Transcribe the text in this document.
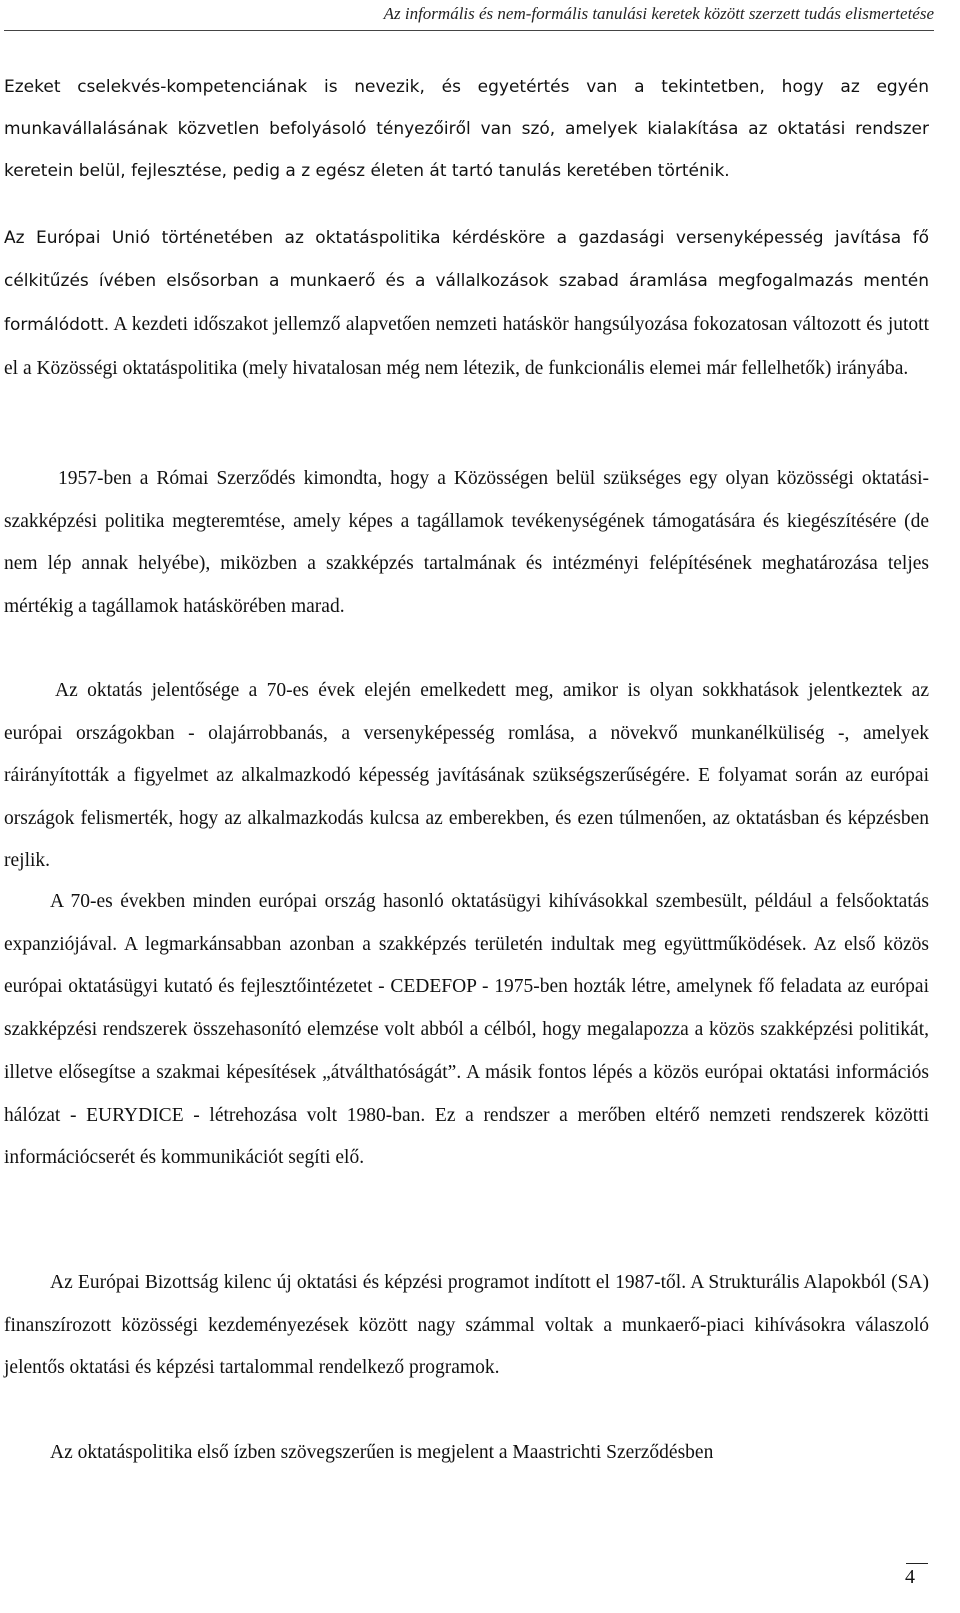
Az informális és nem-formális tanulási keretek között szerzett tudás elismertetése

Ezeket cselekvés-kompetenciának is nevezik, és egyetértés van a tekintetben, hogy az egyén munkavállalásának közvetlen befolyásoló tényezőiről van szó, amelyek kialakítása az oktatási rendszer keretein belül, fejlesztése, pedig a z egész életen át tartó tanulás keretében történik.

Az Európai Unió történetében az oktatáspolitika kérdésköre a gazdasági versenyképesség javítása fő célkitűzés ívében elsősorban a munkaerő és a vállalkozások szabad áramlása megfogalmazás mentén formálódott. A kezdeti időszakot jellemző alapvetően nemzeti hatáskör hangsúlyozása fokozatosan változott és jutott el a Közösségi oktatáspolitika (mely hivatalosan még nem létezik, de funkcionális elemei már fellelhetők) irányába.

1957-ben a Római Szerződés kimondta, hogy a Közösségen belül szükséges egy olyan közösségi oktatási-szakképzési politika megteremtése, amely képes a tagállamok tevékenységének támogatására és kiegészítésére (de nem lép annak helyébe), miközben a szakképzés tartalmának és intézményi felépítésének meghatározása teljes mértékig a tagállamok hatáskörében marad.

Az oktatás jelentősége a 70-es évek elején emelkedett meg, amikor is olyan sokkhatások jelentkeztek az európai országokban - olajárrobbanás, a versenyképesség romlása, a növekvő munkanélküliség -, amelyek ráirányították a figyelmet az alkalmazkodó képesség javításának szükségszerűségére. E folyamat során az európai országok felismerték, hogy az alkalmazkodás kulcsa az emberekben, és ezen túlmenően, az oktatásban és képzésben rejlik.

A 70-es években minden európai ország hasonló oktatásügyi kihívásokkal szembesült, például a felsőoktatás expanziójával. A legmarkánsabban azonban a szakképzés területén indultak meg együttműködések. Az első közös európai oktatásügyi kutató és fejlesztőintézetet - CEDEFOP - 1975-ben hozták létre, amelynek fő feladata az európai szakképzési rendszerek összehasonító elemzése volt abból a célból, hogy megalapozza a közös szakképzési politikát, illetve elősegítse a szakmai képesítések „átválthatóságát”. A másik fontos lépés a közös európai oktatási információs hálózat - EURYDICE - létrehozása volt 1980-ban. Ez a rendszer a merőben eltérő nemzeti rendszerek közötti információcserét és kommunikációt segíti elő.

Az Európai Bizottság kilenc új oktatási és képzési programot indított el 1987-től. A Strukturális Alapokból (SA) finanszírozott közösségi kezdeményezések között nagy számmal voltak a munkaerő-piaci kihívásokra válaszoló jelentős oktatási és képzési tartalommal rendelkező programok.

Az oktatáspolitika első ízben szövegszerűen is megjelent a Maastrichti Szerződésben

4
